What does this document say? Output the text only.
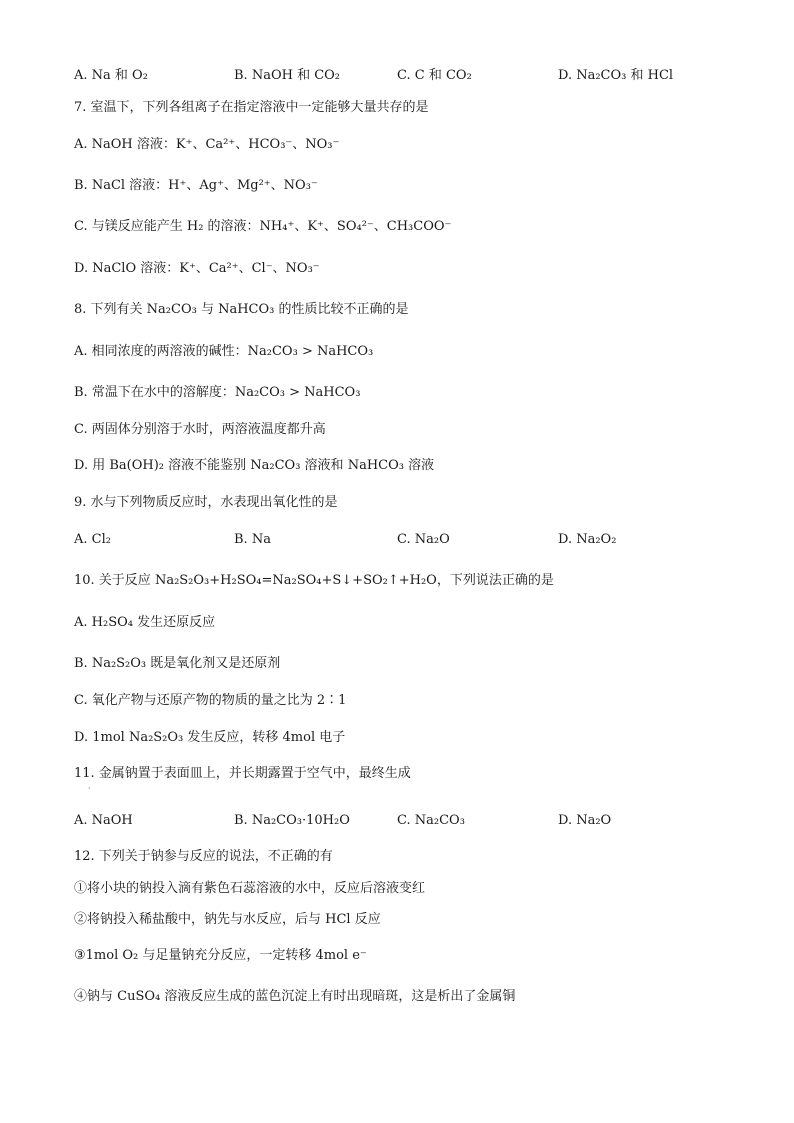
A. Na 和 O₂	B. NaOH 和 CO₂	C. C 和 CO₂	D. Na₂CO₃ 和 HCl
7. 室温下，下列各组离子在指定溶液中一定能够大量共存的是
A. NaOH 溶液：K⁺、Ca²⁺、HCO₃⁻、NO₃⁻
B. NaCl 溶液：H⁺、Ag⁺、Mg²⁺、NO₃⁻
C. 与镁反应能产生 H₂ 的溶液：NH₄⁺、K⁺、SO₄²⁻、CH₃COO⁻
D. NaClO 溶液：K⁺、Ca²⁺、Cl⁻、NO₃⁻
8. 下列有关 Na₂CO₃ 与 NaHCO₃ 的性质比较不正确的是
A. 相同浓度的两溶液的碱性：Na₂CO₃ > NaHCO₃
B. 常温下在水中的溶解度：Na₂CO₃ > NaHCO₃
C. 两固体分别溶于水时，两溶液温度都升高
D. 用 Ba(OH)₂ 溶液不能鉴别 Na₂CO₃ 溶液和 NaHCO₃ 溶液
9. 水与下列物质反应时，水表现出氧化性的是
A. Cl₂	B. Na	C. Na₂O	D. Na₂O₂
10. 关于反应 Na₂S₂O₃+H₂SO₄=Na₂SO₄+S↓+SO₂↑+H₂O，下列说法正确的是
A. H₂SO₄ 发生还原反应
B. Na₂S₂O₃ 既是氧化剂又是还原剂
C. 氧化产物与还原产物的物质的量之比为 2∶1
D. 1mol Na₂S₂O₃ 发生反应，转移 4mol 电子
11. 金属钠置于表面皿上，并长期露置于空气中，最终生成
·
A. NaOH	B. Na₂CO₃·10H₂O	C. Na₂CO₃	D. Na₂O
12. 下列关于钠参与反应的说法，不正确的有
①将小块的钠投入滴有紫色石蕊溶液的水中，反应后溶液变红
②将钠投入稀盐酸中，钠先与水反应，后与 HCl 反应
③1mol O₂ 与足量钠充分反应，一定转移 4mol e⁻
④钠与 CuSO₄ 溶液反应生成的蓝色沉淀上有时出现暗斑，这是析出了金属铜
